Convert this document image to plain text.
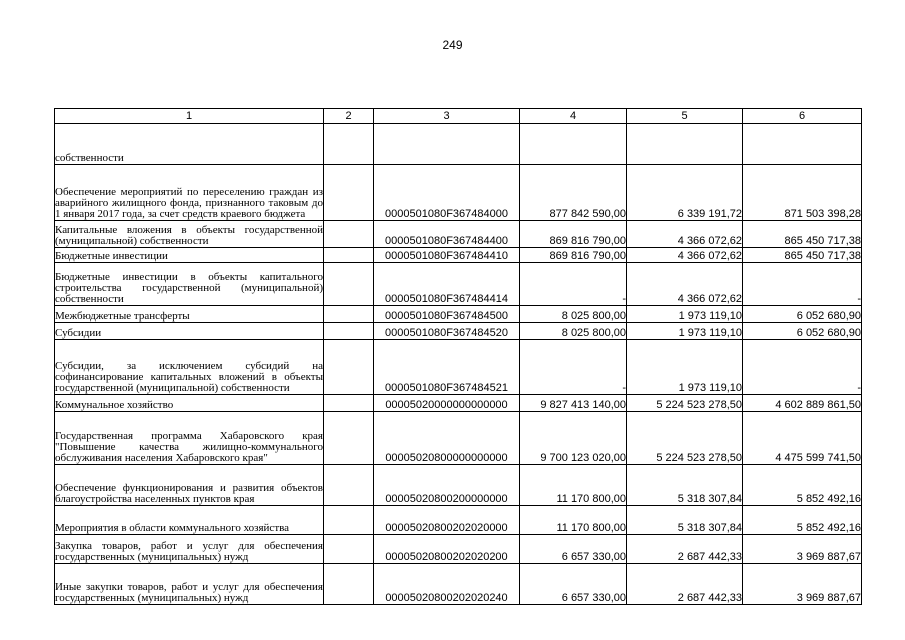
249
1	2	3	4	5	6
собственности					
Обеспечение мероприятий по переселению граждан из аварийного жилищного фонда, признанного таковым до 1 января 2017 года, за счет средств краевого бюджета		0000501080F367484000	877 842 590,00	6 339 191,72	871 503 398,28
Капитальные вложения в объекты государственной (муниципальной) собственности		0000501080F367484400	869 816 790,00	4 366 072,62	865 450 717,38
Бюджетные инвестиции		0000501080F367484410	869 816 790,00	4 366 072,62	865 450 717,38
Бюджетные инвестиции в объекты капитального строительства государственной (муниципальной) собственности		0000501080F367484414	-	4 366 072,62	-
Межбюджетные трансферты		0000501080F367484500	8 025 800,00	1 973 119,10	6 052 680,90
Субсидии		0000501080F367484520	8 025 800,00	1 973 119,10	6 052 680,90
Субсидии, за исключением субсидий на софинансирование капитальных вложений в объекты государственной (муниципальной) собственности		0000501080F367484521	-	1 973 119,10	-
Коммунальное хозяйство		00005020000000000000	9 827 413 140,00	5 224 523 278,50	4 602 889 861,50
Государственная программа Хабаровского края "Повышение качества жилищно-коммунального обслуживания населения Хабаровского края"		00005020800000000000	9 700 123 020,00	5 224 523 278,50	4 475 599 741,50
Обеспечение функционирования и развития объектов благоустройства населенных пунктов края		00005020800200000000	11 170 800,00	5 318 307,84	5 852 492,16
Мероприятия в области коммунального хозяйства		00005020800202020000	11 170 800,00	5 318 307,84	5 852 492,16
Закупка товаров, работ и услуг для обеспечения государственных (муниципальных) нужд		00005020800202020200	6 657 330,00	2 687 442,33	3 969 887,67
Иные закупки товаров, работ и услуг для обеспечения государственных (муниципальных) нужд		00005020800202020240	6 657 330,00	2 687 442,33	3 969 887,67
